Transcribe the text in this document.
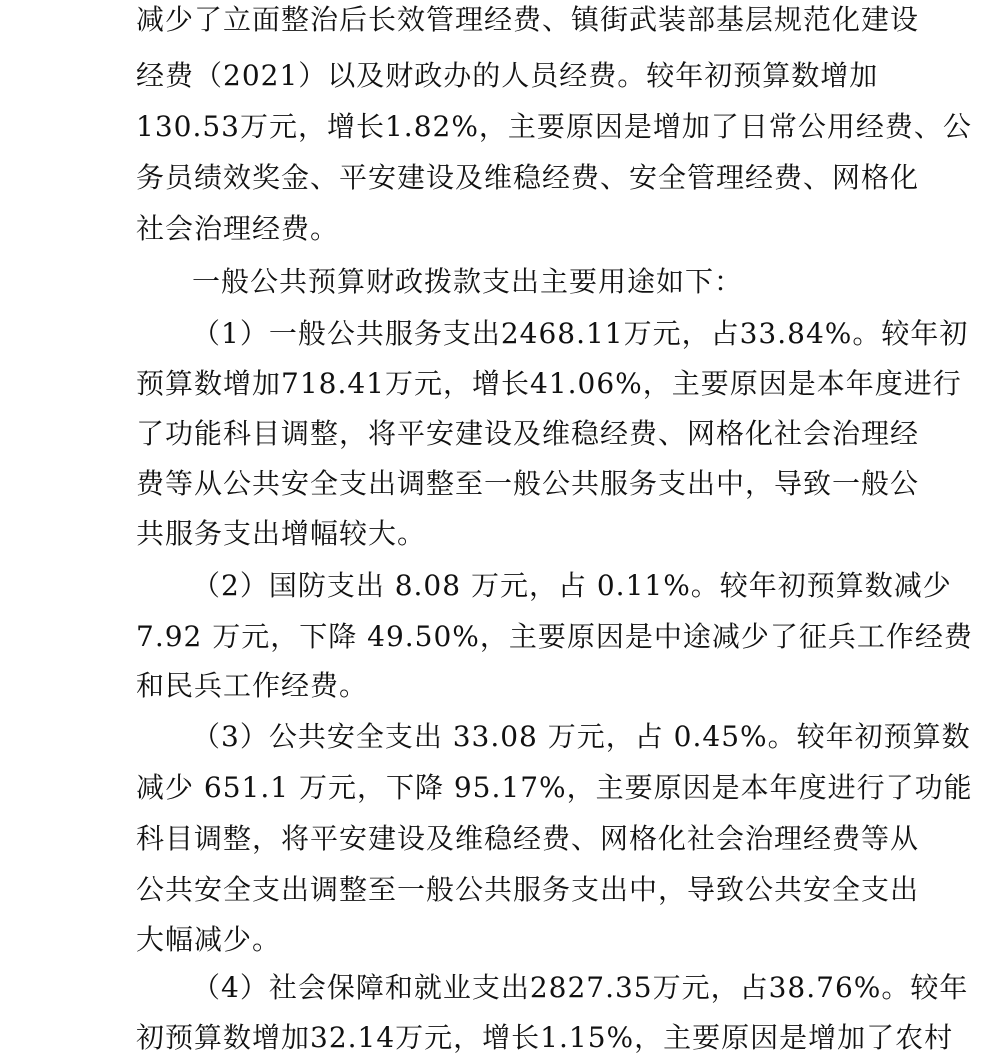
减少了立面整治后长效管理经费、镇街武装部基层规范化建设
经费（2021）以及财政办的人员经费。较年初预算数增加
130.53万元，增长1.82%，主要原因是增加了日常公用经费、公
务员绩效奖金、平安建设及维稳经费、安全管理经费、网格化
社会治理经费。
一般公共预算财政拨款支出主要用途如下：
（1）一般公共服务支出2468.11万元，占33.84%。较年初
预算数增加718.41万元，增长41.06%，主要原因是本年度进行
了功能科目调整，将平安建设及维稳经费、网格化社会治理经
费等从公共安全支出调整至一般公共服务支出中，导致一般公
共服务支出增幅较大。
（2）国防支出 8.08 万元，占 0.11%。较年初预算数减少
7.92 万元，下降 49.50%，主要原因是中途减少了征兵工作经费
和民兵工作经费。
（3）公共安全支出 33.08 万元，占 0.45%。较年初预算数
减少 651.1 万元，下降 95.17%，主要原因是本年度进行了功能
科目调整，将平安建设及维稳经费、网格化社会治理经费等从
公共安全支出调整至一般公共服务支出中，导致公共安全支出
大幅减少。
（4）社会保障和就业支出2827.35万元，占38.76%。较年
初预算数增加32.14万元，增长1.15%，主要原因是增加了农村
